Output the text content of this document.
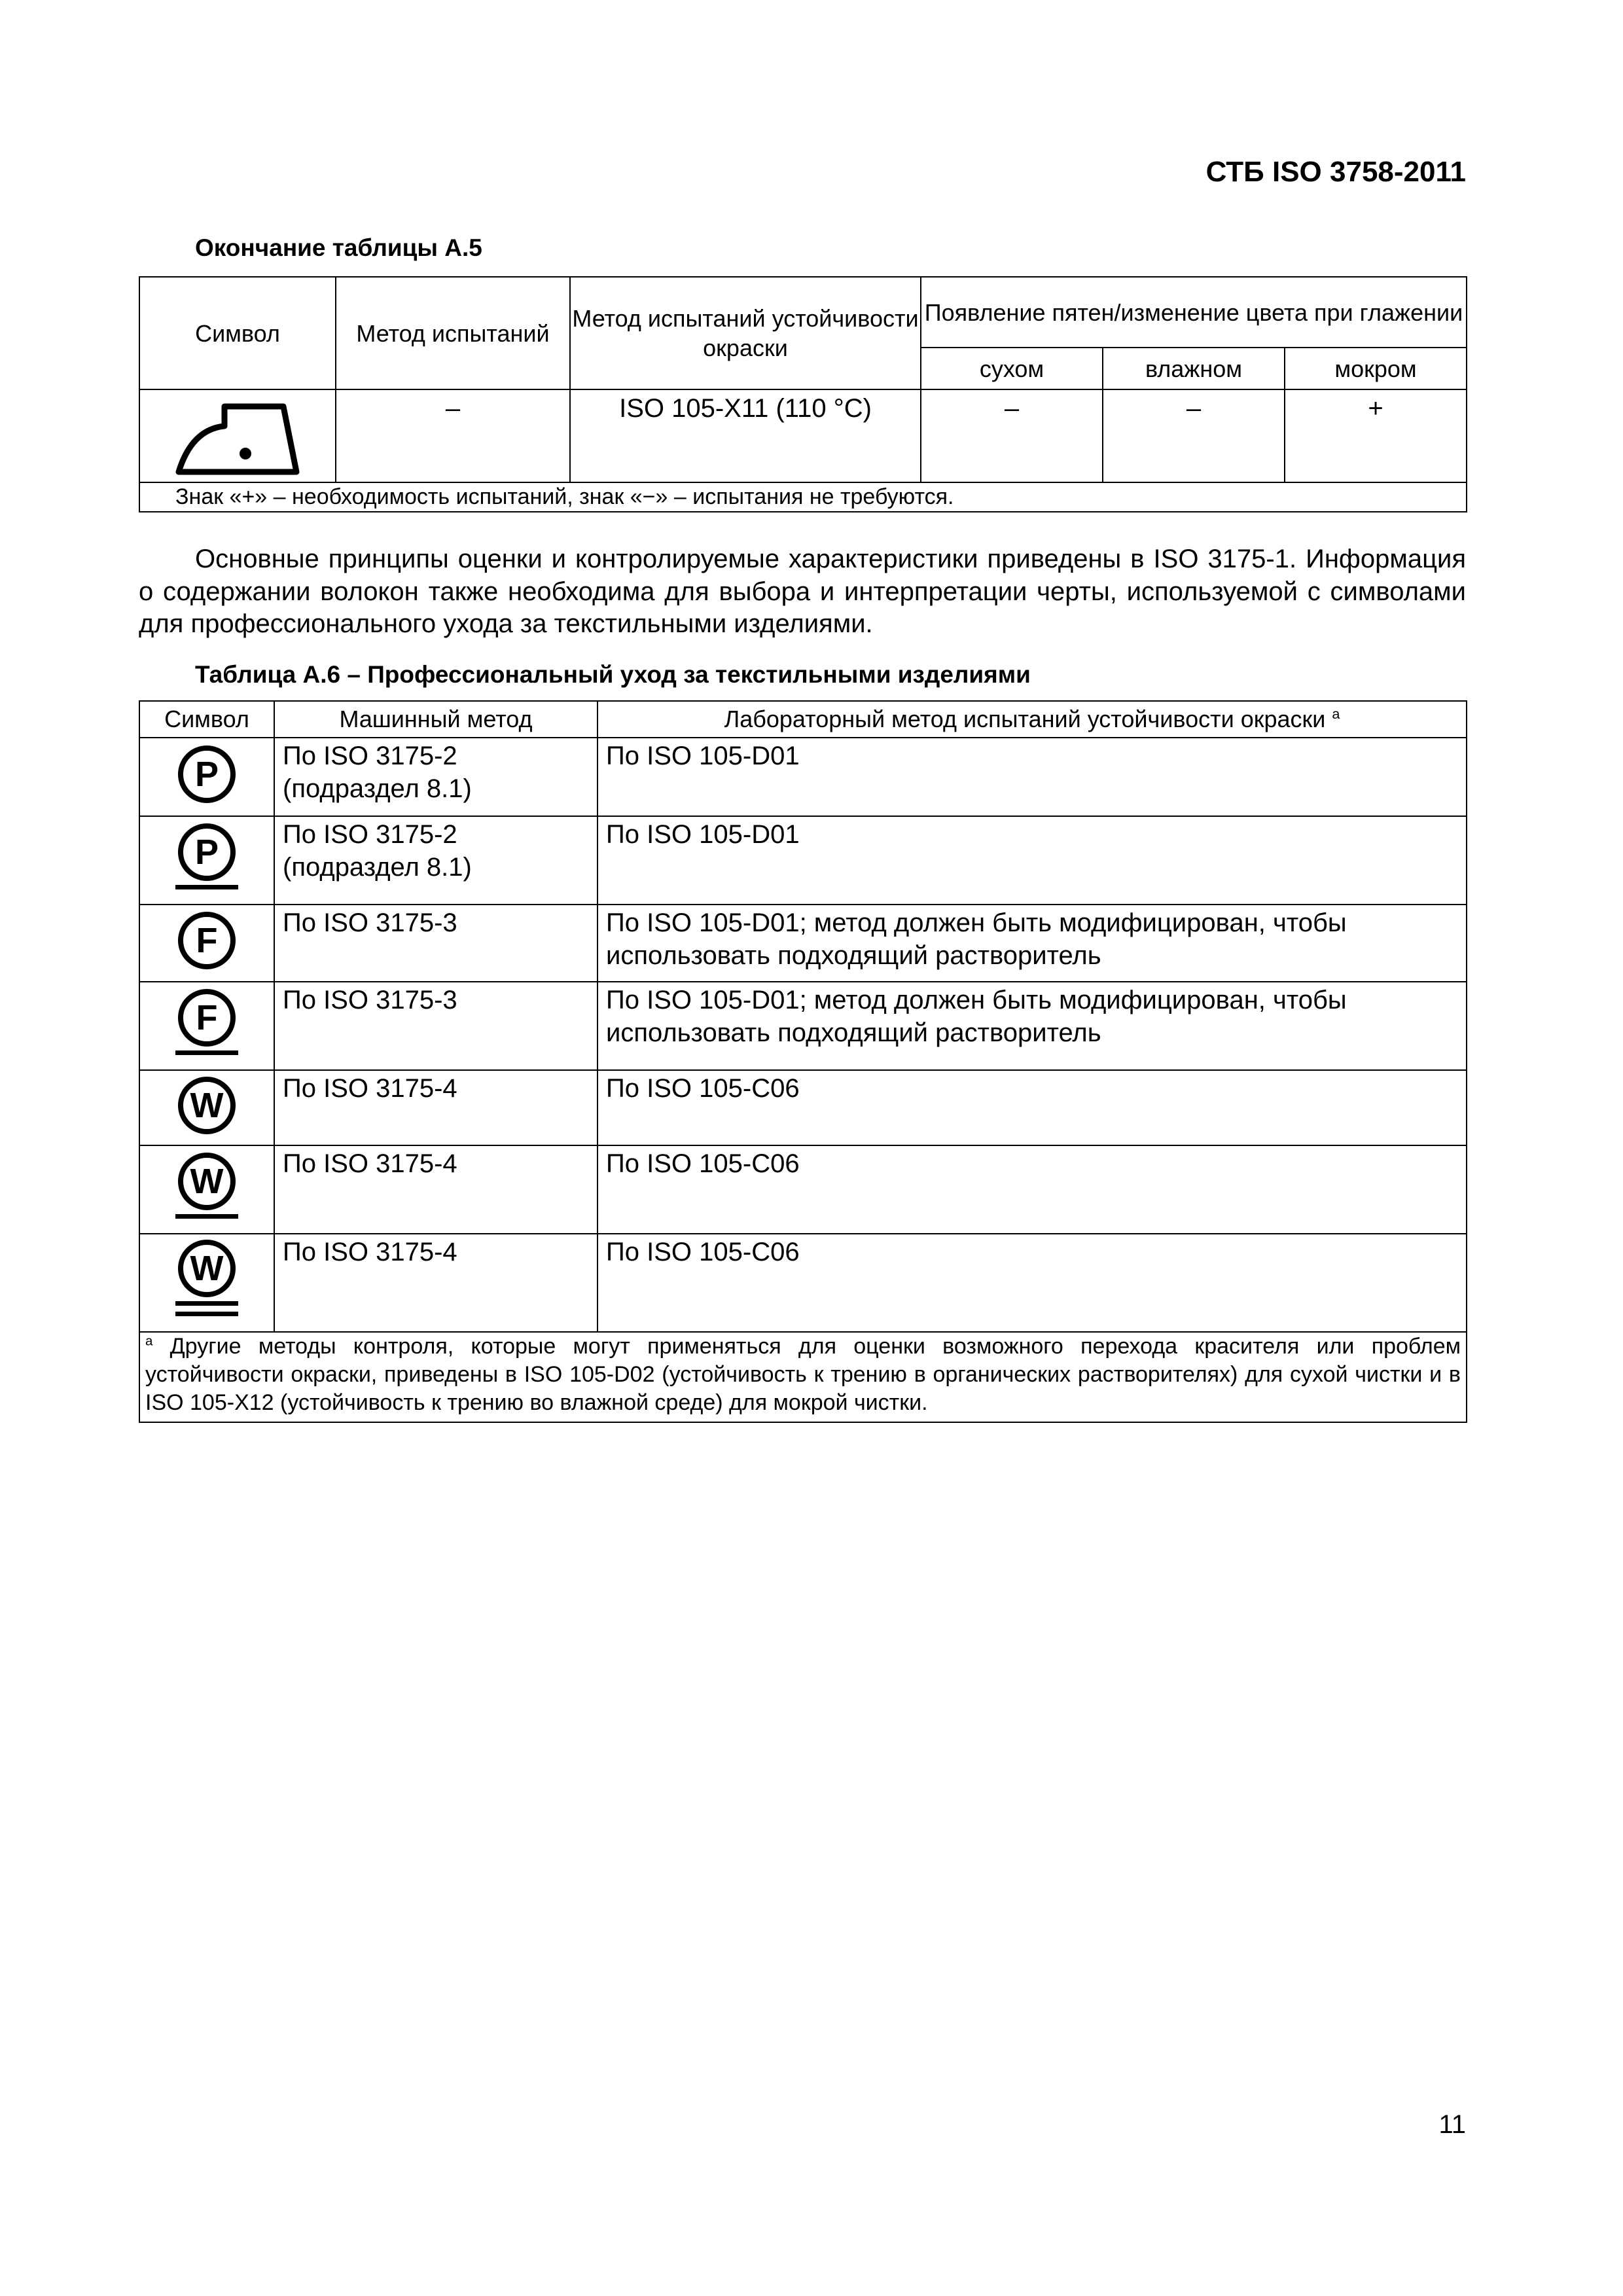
СТБ ISO 3758-2011
Окончание таблицы А.5
Символ	Метод испытаний	Метод испытаний устойчивости окраски	Появление пятен/изменение цвета при глажении		
			сухом	влажном	мокром

	–	ISO 105-X11 (110 °С)	–	–	+
Знак «+» – необходимость испытаний, знак «−» – испытания не требуются.					
Основные принципы оценки и контролируемые характеристики приведены в ISO 3175-1. Информация о содержании волокон также необходима для выбора и интерпретации черты, используемой с символами для профессионального ухода за текстильными изделиями.
Таблица А.6 – Профессиональный уход за текстильными изделиями
Символ	Машинный метод	Лабораторный метод испытаний устойчивости окраски $^a$

P	По ISO 3175-2 (подраздел 8.1)	По ISO 105-D01

P	По ISO 3175-2 (подраздел 8.1)	По ISO 105-D01

F	По ISO 3175-3	По ISO 105-D01; метод должен быть модифицирован, чтобы использовать подходящий растворитель

F	По ISO 3175-3	По ISO 105-D01; метод должен быть модифицирован, чтобы использовать подходящий растворитель

W	По ISO 3175-4	По ISO 105-C06

W	По ISO 3175-4	По ISO 105-C06

W	По ISO 3175-4	По ISO 105-C06
$^a$ Другие методы контроля, которые могут применяться для оценки возможного перехода красителя или проблем устойчивости окраски, приведены в ISO 105-D02 (устойчивость к трению в органических растворителях) для сухой чистки и в ISO 105-X12 (устойчивость к трению во влажной среде) для мокрой чистки.		
11
